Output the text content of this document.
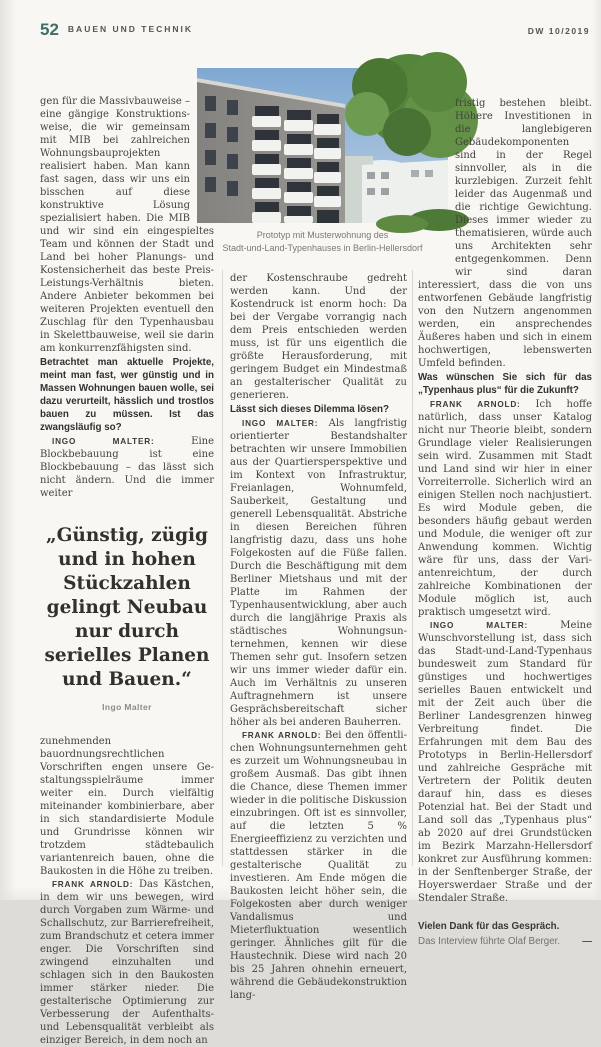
52 BAUEN UND TECHNIK	DW 10/2019
Prototyp mit Musterwohnung des
Stadt-und-Land-Typenhauses in Berlin-Hellersdorf

gen für die Massivbauweise – eine gängige Konstruktionsweise, die wir gemeinsam mit MIB bei zahlreichen Wohnungsbauprojekten realisiert haben. Man kann fast sagen, dass wir uns ein bisschen auf diese konstruktive Lösung spezialisiert haben. Die MIB und wir sind ein eingespieltes Team und können der Stadt und Land bei hoher Planungs- und Kostensicherheit das beste Preis-Leistungs-Verhältnis bieten. Andere Anbieter bekommen bei weiteren Projekten eventuell den Zuschlag für den Typenhausbau in Skelettbauweise, weil sie darin am konkurrenzfähigsten sind.

Betrachtet man aktuelle Projekte, meint man fast, wer günstig und in Massen Wohnungen bauen wolle, sei dazu verurteilt, hässlich und trostlos bauen zu müssen. Ist das zwangsläufig so?

INGO MALTER:	Eine Blockbebauung ist eine Blockbebauung – das lässt sich nicht ändern. Und die immer weiter

„Günstig, zügig und in hohen Stückzahlen gelingt Neubau nur durch serielles Planen und Bauen.“

Ingo Malter

zunehmenden bauordnungsrechtlichen Vorschriften engen unsere Gestaltungsspielräume immer weiter ein. Durch vielfältig miteinander kombinierbare, aber in sich standardisierte Module und Grundrisse können wir trotzdem städtebaulich variantenreich bauen, ohne die Baukosten in die Höhe zu treiben.

FRANK ARNOLD: Das Kästchen, in dem wir uns bewegen, wird durch Vorgaben zum Wärme- und Schallschutz, zur Barrierefreiheit, zum Brandschutz et cetera immer enger. Die Vorschriften sind zwingend einzuhalten und schlagen sich in den Baukosten immer stärker nieder. Die gestalterische Optimierung zur Verbesserung der Aufenthalts- und Lebensqualität verbleibt als einziger Bereich, in dem noch an

der Kostenschraube gedreht werden kann. Und der Kostendruck ist enorm hoch: Da bei der Vergabe vorrangig nach dem Preis entschieden werden muss, ist für uns eigentlich die größte Herausforderung, mit geringem Budget ein Mindestmaß an gestalterischer Qualität zu generieren.

Lässt sich dieses Dilemma lösen?

INGO MALTER: Als langfristig orientierter Bestandshalter betrachten wir unsere Immobilien aus der Quartiersperspektive und im Kontext von Infrastruktur, Freianlagen, Wohnumfeld, Sauberkeit, Gestaltung und generell Lebensqualität. Abstriche in diesen Bereichen führen langfristig dazu, dass uns hohe Folgekosten auf die Füße fallen. Durch die Beschäftigung mit dem Berliner Mietshaus und mit der Platte im Rahmen der Typenhausentwicklung, aber auch durch die langjährige Praxis als städtisches Wohnungsunternehmen, kennen wir diese Themen sehr gut. Insofern setzen wir uns immer wieder dafür ein. Auch im Verhältnis zu unseren Auftragnehmern ist unsere Gesprächsbereitschaft sicher höher als bei anderen Bauherren.

FRANK ARNOLD: Bei den öffentlichen Wohnungsunternehmen geht es zurzeit um Wohnungsneubau in großem Ausmaß. Das gibt ihnen die Chance, diese Themen immer wieder in die politische Diskussion einzubringen. Oft ist es sinnvoller, auf die letzten 5 % Energieeffizienz zu verzichten und stattdessen stärker in die gestalterische Qualität zu investieren. Am Ende mögen die Baukosten leicht höher sein, die Folgekosten aber durch weniger Vandalismus und Mieterfluktuation wesentlich geringer. Ähnliches gilt für die Haustechnik. Diese wird nach 20 bis 25 Jahren ohnehin erneuert, während die Gebäudekonstruktion lang-

fristig bestehen bleibt. Höhere Investitionen in die langlebigeren Gebäudekomponenten sind in der Regel sinnvoller, als in die kurzlebigen. Zurzeit fehlt leider das Augenmaß und die richtige Gewichtung. Dieses immer wieder zu thematisieren, würde auch uns Architekten sehr entgegenkommen. Denn wir sind daran interessiert, dass die von uns entworfenen Gebäude langfristig von den Nutzern angenommen werden, ein ansprechendes Äußeres haben und sich in einem hochwertigen, lebenswerten Umfeld befinden.

Was wünschen Sie sich für das „Typenhaus plus“ für die Zukunft?

FRANK ARNOLD: Ich hoffe natürlich, dass unser Katalog nicht nur Theorie bleibt, sondern Grundlage vieler Realisierungen sein wird. Zusammen mit Stadt und Land sind wir hier in einer Vorreiterrolle. Sicherlich wird an einigen Stellen noch nachjustiert. Es wird Module geben, die besonders häufig gebaut werden und Module, die weniger oft zur Anwendung kommen. Wichtig wäre für uns, dass der Variantenreichtum, der durch zahlreiche Kombinationen der Module möglich ist, auch praktisch umgesetzt wird.

INGO MALTER:	Meine Wunschvorstellung ist, dass sich das Stadt-und-Land-Typenhaus bundesweit zum Standard für günstiges und hochwertiges serielles Bauen entwickelt und mit der Zeit auch über die Berliner Landesgrenzen hinweg Verbreitung findet. Die Erfahrungen mit dem Bau des Prototyps in Berlin-Hellersdorf und zahlreiche Gespräche mit Vertretern der Politik deuten darauf hin, dass es dieses Potenzial hat. Bei der Stadt und Land soll das „Typenhaus plus“ ab 2020 auf drei Grundstücken im Bezirk Marzahn-Hellersdorf konkret zur Ausführung kommen: in der Senftenberger Straße, der Hoyerswerdaer Straße und der Stendaler Straße.

Vielen Dank für das Gespräch.

Das Interview führte Olaf Berger. —
